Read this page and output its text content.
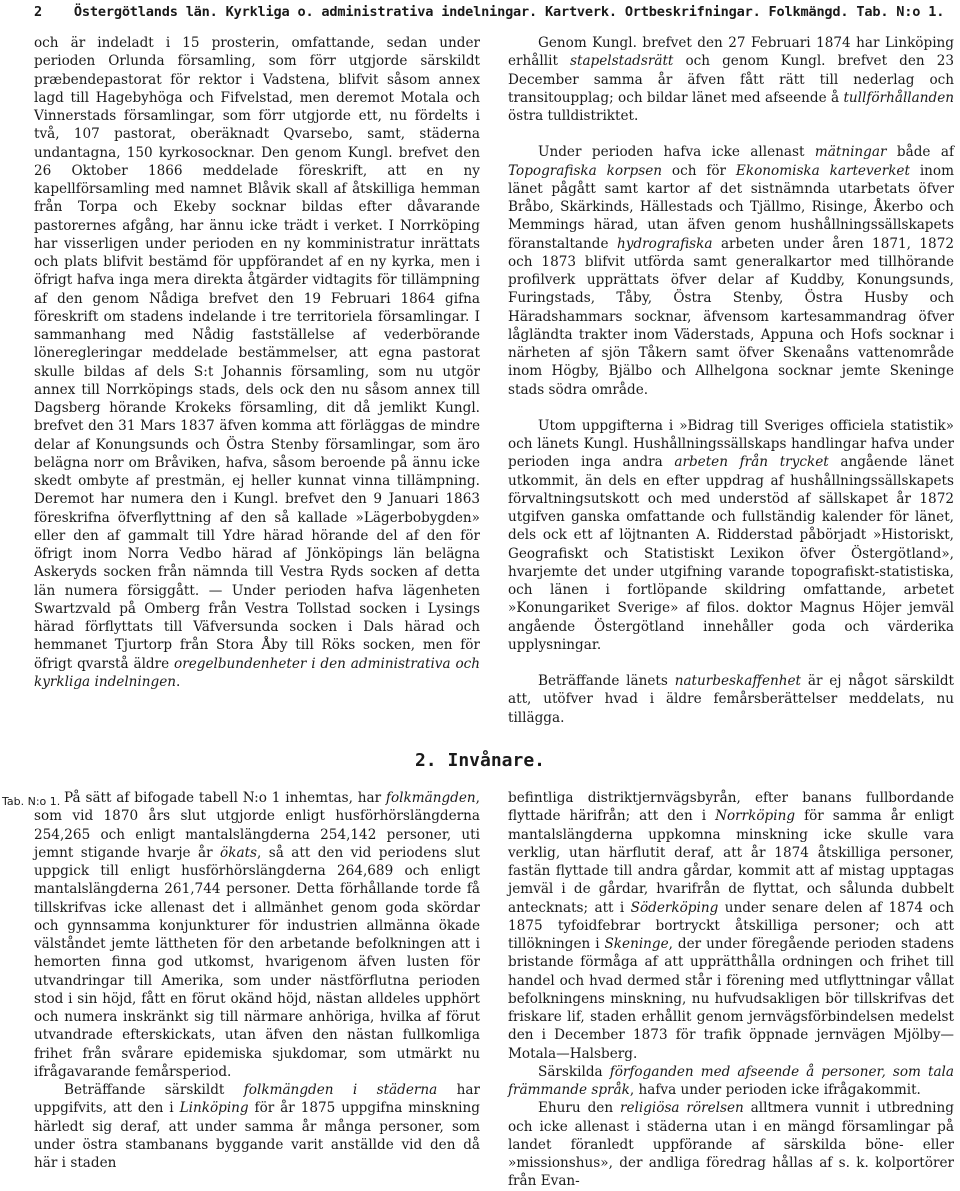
2 Östergötlands län. Kyrkliga o. administrativa indelningar. Kartverk. Ortbeskrifningar. Folkmängd. Tab. N:o 1.

och är indeladt i 15 prosterin, omfattande, sedan under perioden Orlunda församling, som förr utgjorde särskildt præbendepastorat för rektor i Vadstena, blifvit såsom annex lagd till Hagebyhöga och Fifvelstad, men deremot Motala och Vinnerstads församlingar, som förr utgjorde ett, nu fördelts i två, 107 pastorat, oberäknadt Qvarsebo, samt, städerna undantagna, 150 kyrkosocknar. Den genom Kungl. brefvet den 26 Oktober 1866 meddelade föreskrift, att en ny kapellförsamling med namnet Blåvik skall af åtskilliga hemman från Torpa och Ekeby socknar bildas efter dåvarande pastorernes afgång, har ännu icke trädt i verket. I Norrköping har visserligen under perioden en ny komministratur inrättats och plats blifvit bestämd för uppförandet af en ny kyrka, men i öfrigt hafva inga mera direkta åtgärder vidtagits för tillämpning af den genom Nådiga brefvet den 19 Februari 1864 gifna föreskrift om stadens indelande i tre territoriela församlingar. I sammanhang med Nådig fastställelse af vederbörande löneregleringar meddelade bestämmelser, att egna pastorat skulle bildas af dels S:t Johannis församling, som nu utgör annex till Norrköpings stads, dels ock den nu såsom annex till Dagsberg hörande Krokeks församling, dit då jemlikt Kungl. brefvet den 31 Mars 1837 äfven komma att förläggas de mindre delar af Konungsunds och Östra Stenby församlingar, som äro belägna norr om Bråviken, hafva, såsom beroende på ännu icke skedt ombyte af prestmän, ej heller kunnat vinna tillämpning. Deremot har numera den i Kungl. brefvet den 9 Januari 1863 föreskrifna öfverflyttning af den så kallade »Lägerbobygden» eller den af gammalt till Ydre härad hörande del af den för öfrigt inom Norra Vedbo härad af Jönköpings län belägna Askeryds socken från nämnda till Vestra Ryds socken af detta län numera försiggått. — Under perioden hafva lägenheten Swartzvald på Omberg från Vestra Tollstad socken i Lysings härad förflyttats till Väfversunda socken i Dals härad och hemmanet Tjurtorp från Stora Åby till Röks socken, men för öfrigt qvarstå äldre oregelbundenheter i den administrativa och kyrkliga indelningen.

Genom Kungl. brefvet den 27 Februari 1874 har Linköping erhållit stapelstadsrätt och genom Kungl. brefvet den 23 December samma år äfven fått rätt till nederlag och transitoupplag; och bildar länet med afseende å tullförhållanden östra tulldistriktet.

Under perioden hafva icke allenast mätningar både af Topografiska korpsen och för Ekonomiska karteverket inom länet pågått samt kartor af det sistnämnda utarbetats öfver Bråbo, Skärkinds, Hällestads och Tjällmo, Risinge, Åkerbo och Memmings härad, utan äfven genom hushållningssällskapets föranstaltande hydrografiska arbeten under åren 1871, 1872 och 1873 blifvit utförda samt generalkartor med tillhörande profilverk upprättats öfver delar af Kuddby, Konungsunds, Furingstads, Tåby, Östra Stenby, Östra Husby och Häradshammars socknar, äfvensom kartesammandrag öfver lågländta trakter inom Väderstads, Appuna och Hofs socknar i närheten af sjön Tåkern samt öfver Skenaåns vattenområde inom Högby, Bjälbo och Allhelgona socknar jemte Skeninge stads södra område.

Utom uppgifterna i »Bidrag till Sveriges officiela statistik» och länets Kungl. Hushållningssällskaps handlingar hafva under perioden inga andra arbeten från trycket angående länet utkommit, än dels en efter uppdrag af hushållningssällskapets förvaltningsutskott och med understöd af sällskapet år 1872 utgifven ganska omfattande och fullständig kalender för länet, dels ock ett af löjtnanten A. Ridderstad påbörjadt »Historiskt, Geografiskt och Statistiskt Lexikon öfver Östergötland», hvarjemte det under utgifning varande topografiskt-statistiska, och länen i fortlöpande skildring omfattande, arbetet »Konungariket Sverige» af filos. doktor Magnus Höjer jemväl angående Östergötland innehåller goda och värderika upplysningar.

Beträffande länets naturbeskaffenhet är ej något särskildt att, utöfver hvad i äldre femårsberättelser meddelats, nu tillägga.

2. Invånare.
Tab. N:o 1. På sätt af bifogade tabell N:o 1 inhemtas, har folkmängden, som vid 1870 års slut utgjorde enligt husförhörslängderna 254,265 och enligt mantalslängderna 254,142 personer, uti jemnt stigande hvarje år ökats, så att den vid periodens slut uppgick till enligt husförhörslängderna 264,689 och enligt mantalslängderna 261,744 personer. Detta förhållande torde få tillskrifvas icke allenast det i allmänhet genom goda skördar och gynnsamma konjunkturer för industrien allmänna ökade välståndet jemte lättheten för den arbetande befolkningen att i hemorten finna god utkomst, hvarigenom äfven lusten för utvandringar till Amerika, som under nästförflutna perioden stod i sin höjd, fått en förut okänd höjd, nästan alldeles upphört och numera inskränkt sig till närmare anhöriga, hvilka af förut utvandrade efterskickats, utan äfven den nästan fullkomliga frihet från svårare epidemiska sjukdomar, som utmärkt nu ifrågavarande femårsperiod.

Beträffande särskildt folkmängden i städerna har uppgifvits, att den i Linköping för år 1875 uppgifna minskning härledt sig deraf, att under samma år många personer, som under östra stambanans byggande varit anställde vid den då här i staden

befintliga distriktjernvägsbyrån, efter banans fullbordande flyttade härifrån; att den i Norrköping för samma år enligt mantalslängderna uppkomna minskning icke skulle vara verklig, utan härflutit deraf, att år 1874 åtskilliga personer, fastän flyttade till andra gårdar, kommit att af mistag upptagas jemväl i de gårdar, hvarifrån de flyttat, och sålunda dubbelt antecknats; att i Söderköping under senare delen af 1874 och 1875 tyfoidfebrar bortryckt åtskilliga personer; och att tillökningen i Skeninge, der under föregående perioden stadens bristande förmåga af att upprätthålla ordningen och frihet till handel och hvad dermed står i förening med utflyttningar vållat befolkningens minskning, nu hufvudsakligen bör tillskrifvas det friskare lif, staden erhållit genom jernvägsförbindelsen medelst den i December 1873 för trafik öppnade jernvägen Mjölby—Motala—Halsberg.

Särskilda förfoganden med afseende å personer, som tala främmande språk, hafva under perioden icke ifrågakommit.

Ehuru den religiösa rörelsen alltmera vunnit i utbredning och icke allenast i städerna utan i en mängd församlingar på landet föranledt uppförande af särskilda böne- eller »missionshus», der andliga föredrag hållas af s. k. kolportörer från Evan-
